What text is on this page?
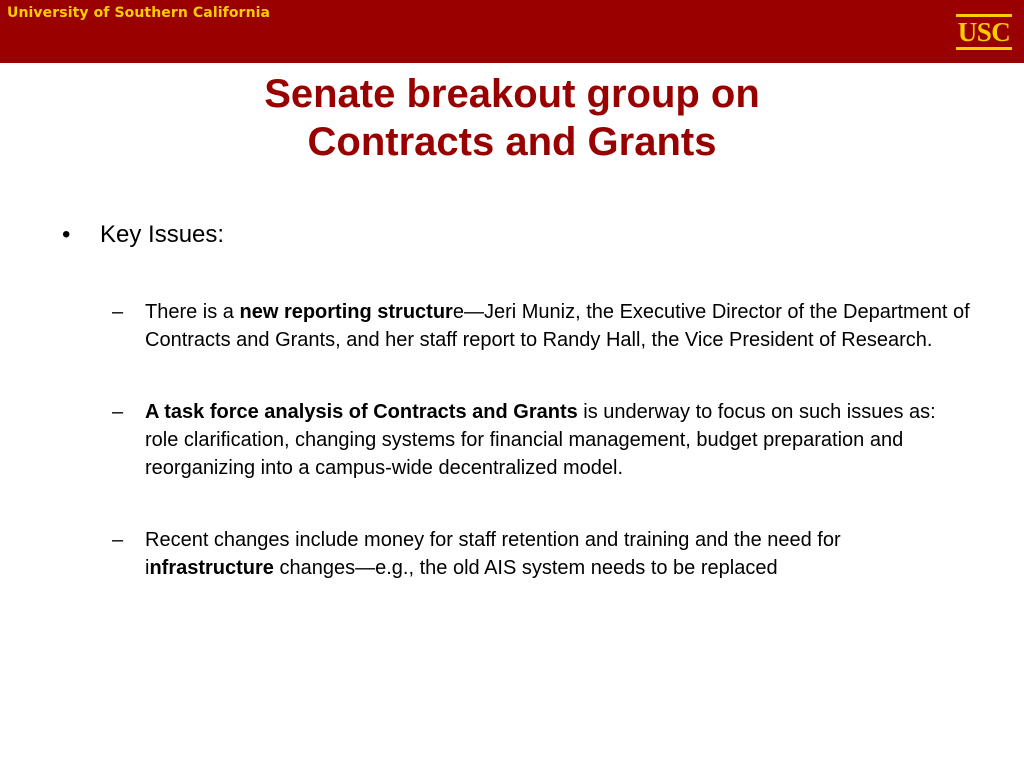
University of Southern California
USC
Senate breakout group on
Contracts and Grants
• Key Issues:
– There is a new reporting structure—Jeri Muniz, the Executive Director of the Department of Contracts and Grants, and her staff report to Randy Hall, the Vice President of Research.
– A task force analysis of Contracts and Grants is underway to focus on such issues as: role clarification, changing systems for financial management, budget preparation and reorganizing into a campus-wide decentralized model.
– Recent changes include money for staff retention and training and the need for infrastructure changes—e.g., the old AIS system needs to be replaced
